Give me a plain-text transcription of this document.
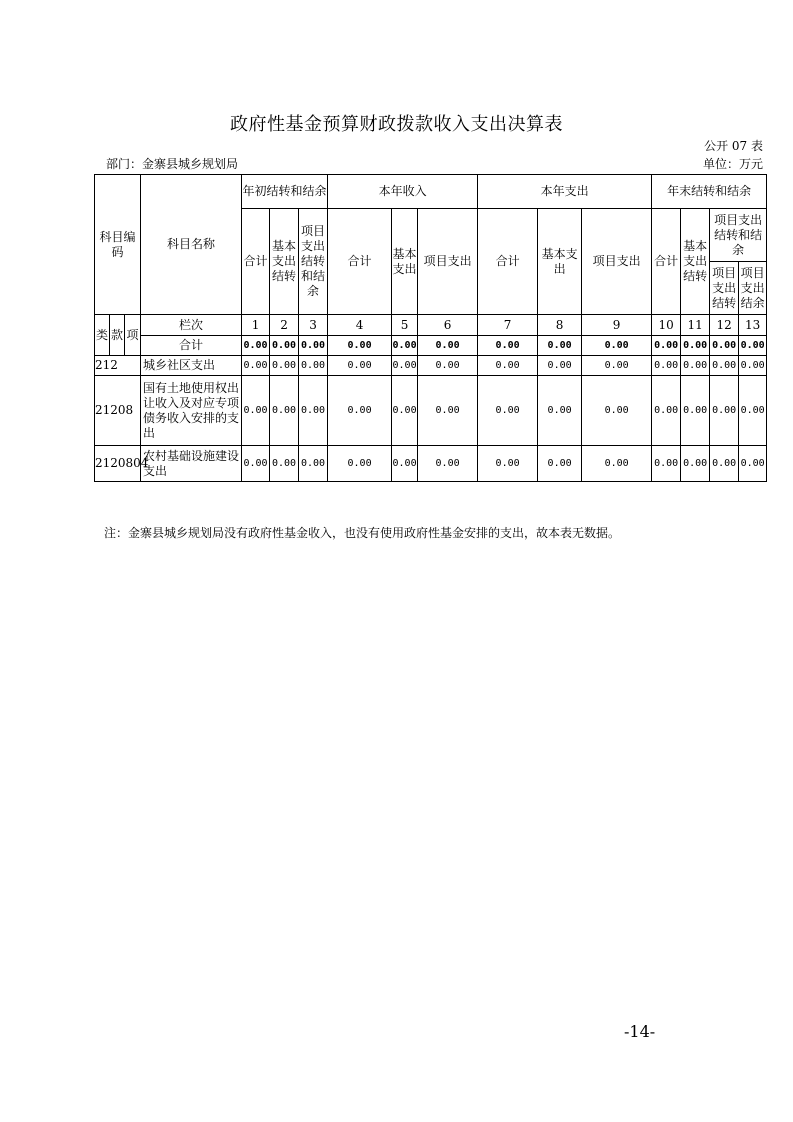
政府性基金预算财政拨款收入支出决算表
公开 07 表
部门：金寨县城乡规划局	单位：万元
科目编码			科目名称	年初结转和结余			本年收入			本年支出			年末结转和结余			
				合计	基本支出结转	项目支出结转和结余	合计	基本支出	项目支出	合计	基本支出	项目支出	合计	基本支出结转	项目支出结转和结余	
															项目支出结转	项目支出结余

类	款	项	栏次	1	2	3	4	5	6	7	8	9	10	11	12	13
			合计	0.00	0.00	0.00	0.00	0.00	0.00	0.00	0.00	0.00	0.00	0.00	0.00	0.00
212			城乡社区支出	0.00	0.00	0.00	0.00	0.00	0.00	0.00	0.00	0.00	0.00	0.00	0.00	0.00
21208			国有土地使用权出让收入及对应专项债务收入安排的支出	0.00	0.00	0.00	0.00	0.00	0.00	0.00	0.00	0.00	0.00	0.00	0.00	0.00
2120804			农村基础设施建设支出	0.00	0.00	0.00	0.00	0.00	0.00	0.00	0.00	0.00	0.00	0.00	0.00	0.00
注：金寨县城乡规划局没有政府性基金收入，也没有使用政府性基金安排的支出，故本表无数据。
-14-
